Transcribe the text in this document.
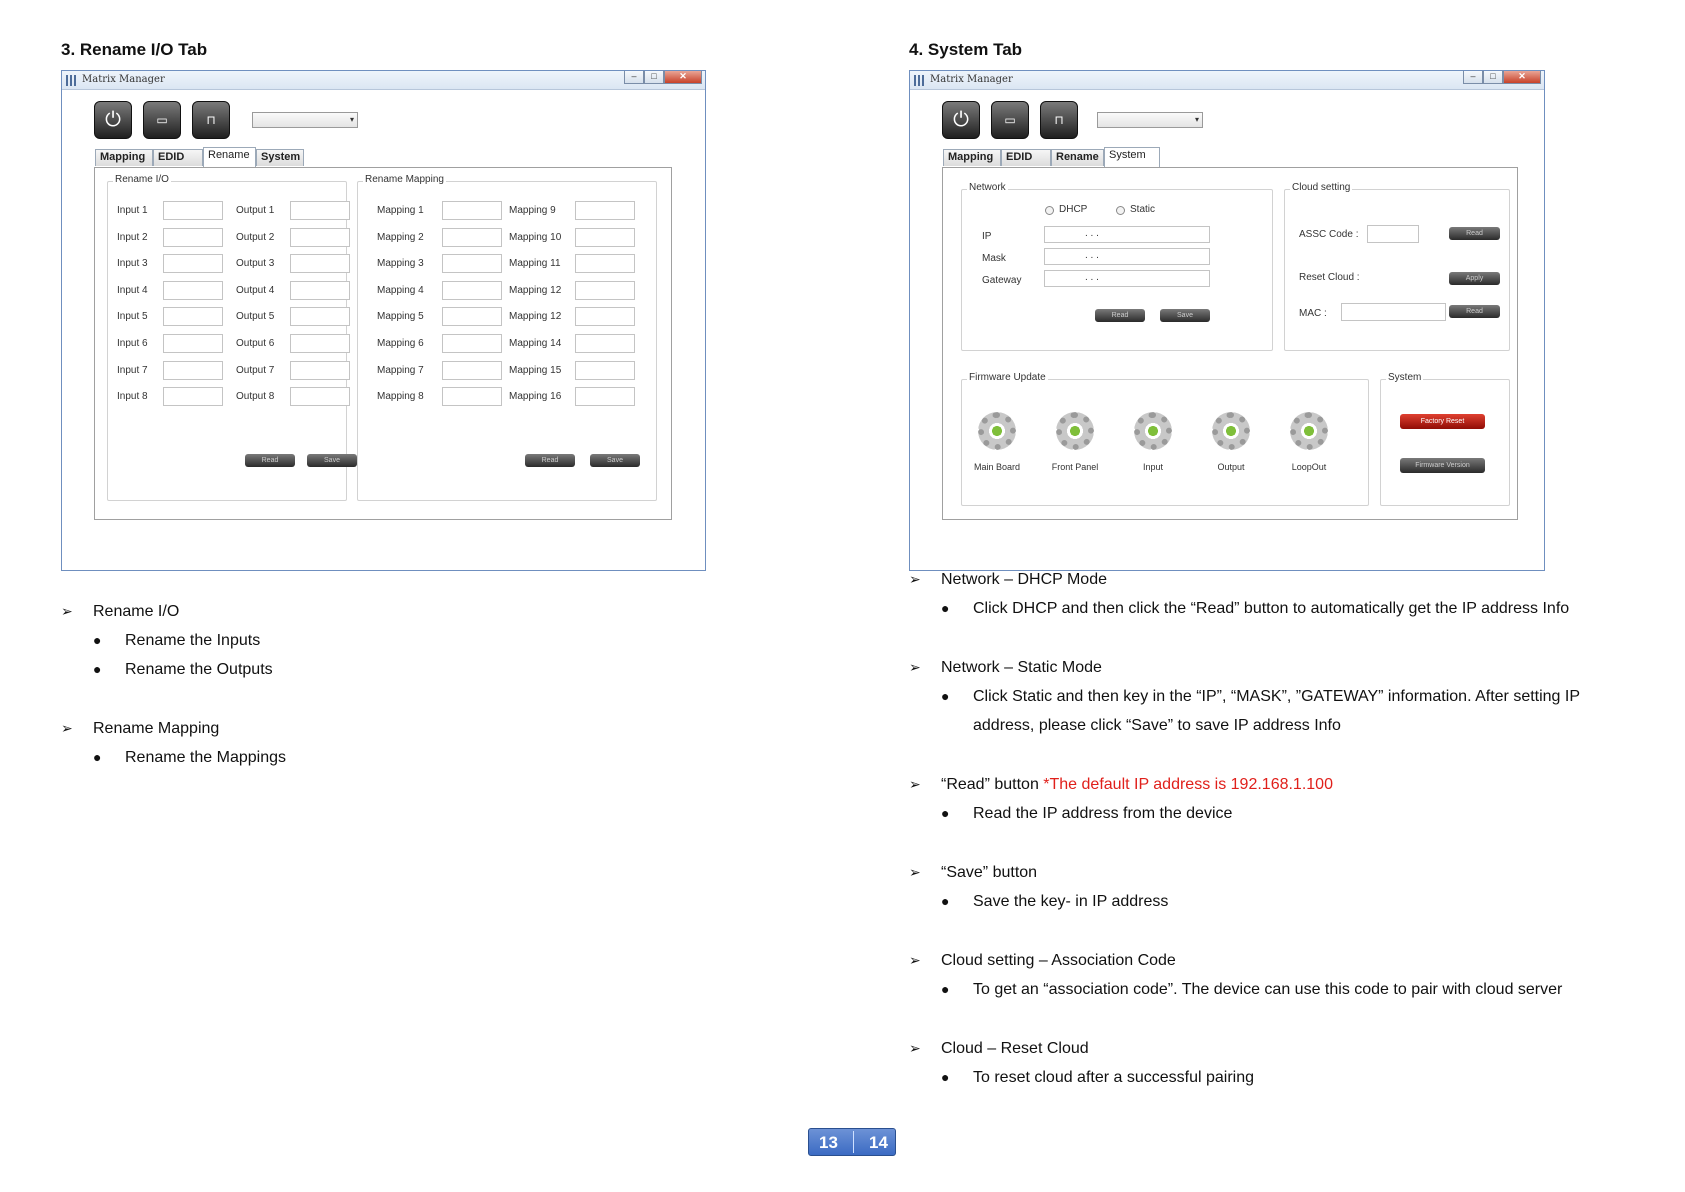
3. Rename I/O Tab
Matrix Manager	–	□	✕
⏻	▭	⊓	▾
Mapping	EDID	Rename	System
Rename I/O	Rename Mapping
Input 1	Output 1	Mapping 1	Mapping 9
Input 2	Output 2	Mapping 2	Mapping 10
Input 3	Output 3	Mapping 3	Mapping 11
Input 4	Output 4	Mapping 4	Mapping 12
Input 5	Output 5	Mapping 5	Mapping 12
Input 6	Output 6	Mapping 6	Mapping 14
Input 7	Output 7	Mapping 7	Mapping 15
Input 8	Output 8	Mapping 8	Mapping 16
Read	Save	Read	Save
➢ Rename I/O
● Rename the Inputs
● Rename the Outputs
➢ Rename Mapping
● Rename the Mappings
4. System Tab
Matrix Manager	–	□	✕
⏻	▭	⊓	▾
Mapping	EDID	Rename System
Network
DHCP	Static
IP	. . .
Mask	. . .
Gateway	. . .
Read	Save
Cloud setting
ASSC Code :	Read
Reset Cloud :	Apply
MAC :	Read
Firmware Update
Main Board	Front Panel	Input	Output	LoopOut
System
Factory Reset
Firmware Version
➢ Network – DHCP Mode
● Click DHCP and then click the “Read” button to automatically get the IP address Info
➢ Network – Static Mode
● Click Static and then key in the “IP”, “MASK”, ”GATEWAY” information. After setting IP
address, please click “Save” to save IP address Info
➢ “Read” button *The default IP address is 192.168.1.100
● Read the IP address from the device
➢ “Save” button
● Save the key- in IP address
➢ Cloud setting – Association Code
● To get an “association code”. The device can use this code to pair with cloud server
➢ Cloud – Reset Cloud
● To reset cloud after a successful pairing
13 14
